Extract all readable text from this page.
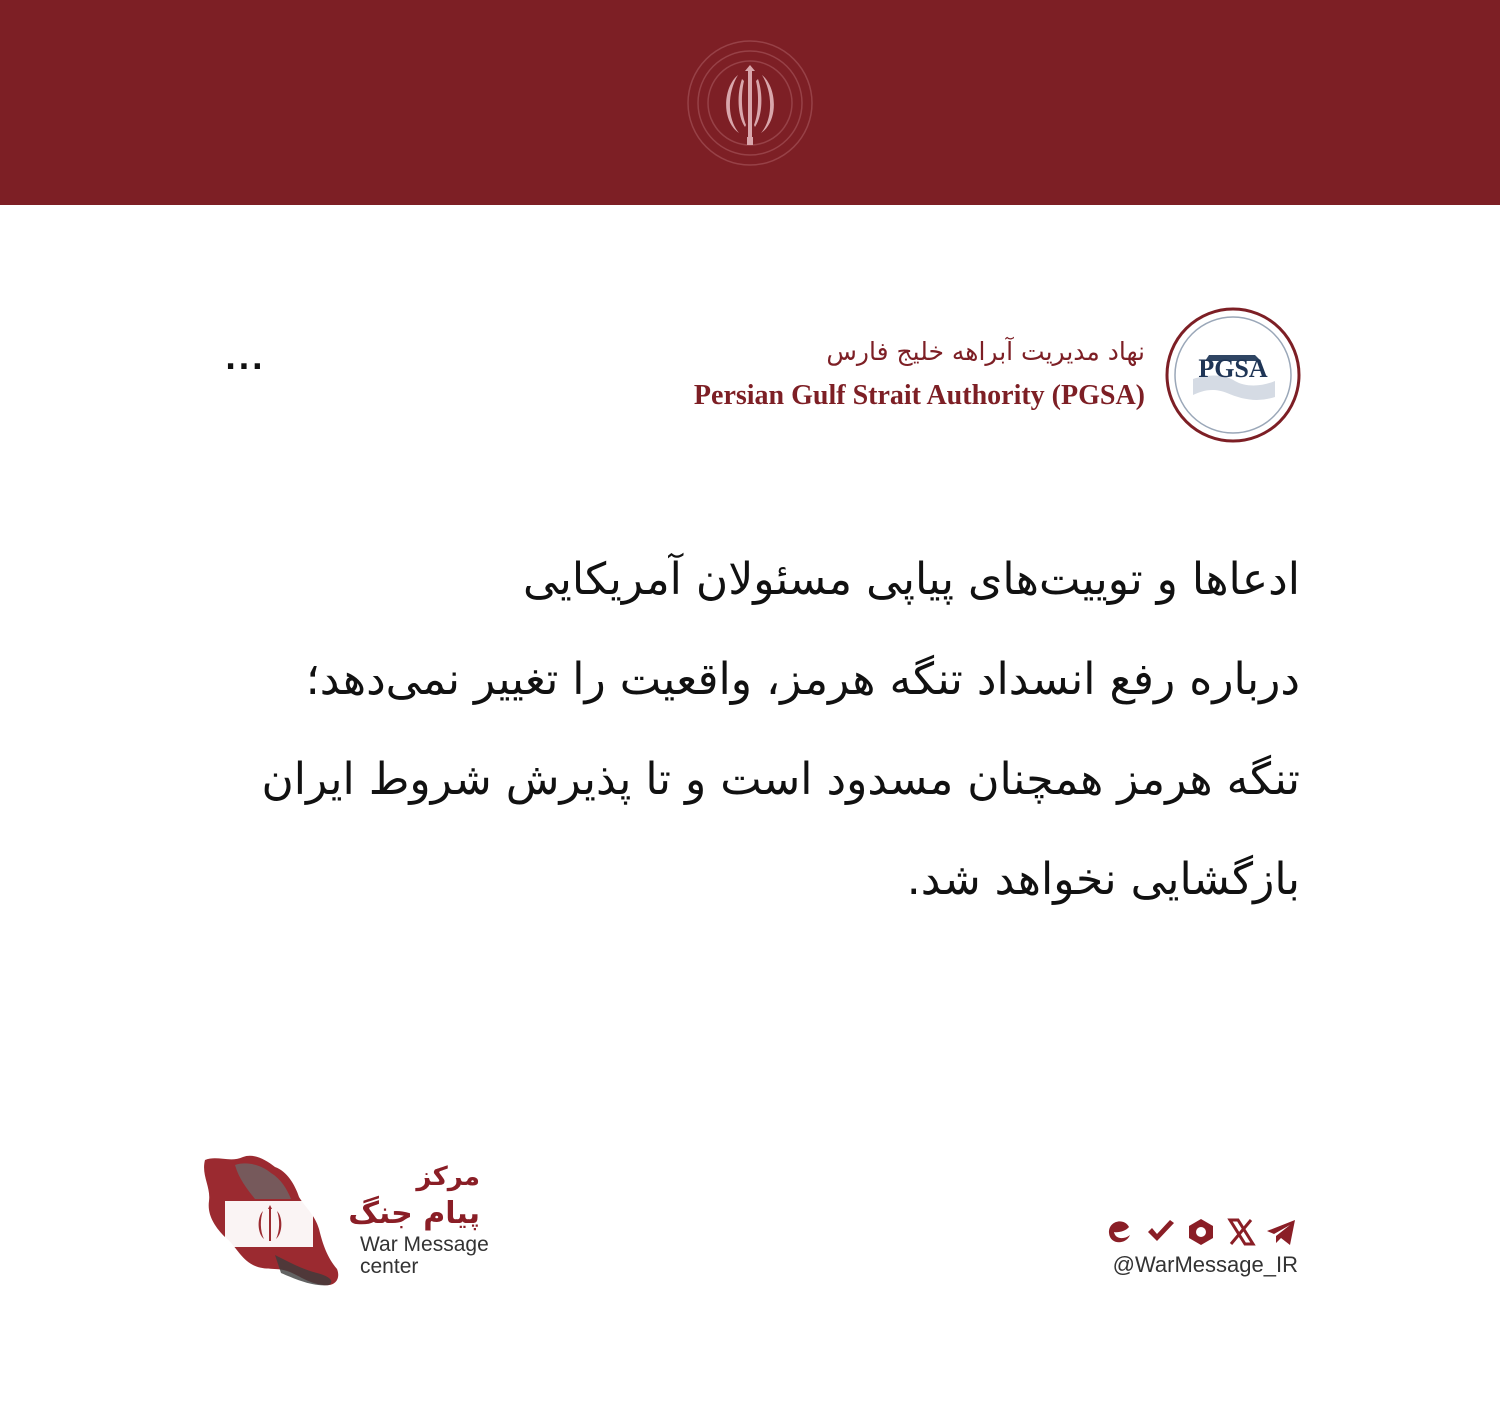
...	نهاد مدیریت آبراهه خلیج فارس
Persian Gulf Strait Authority (PGSA)
PGSA
ادعاها و توییت‌های پیاپی مسئولان آمریکایی
درباره رفع انسداد تنگه هرمز، واقعیت را تغییر نمی‌دهد؛
تنگه هرمز همچنان مسدود است و تا پذیرش شروط ایران
بازگشایی نخواهد شد.
مرکز
پیام جنگ
War Message
center	@WarMessage_IR
